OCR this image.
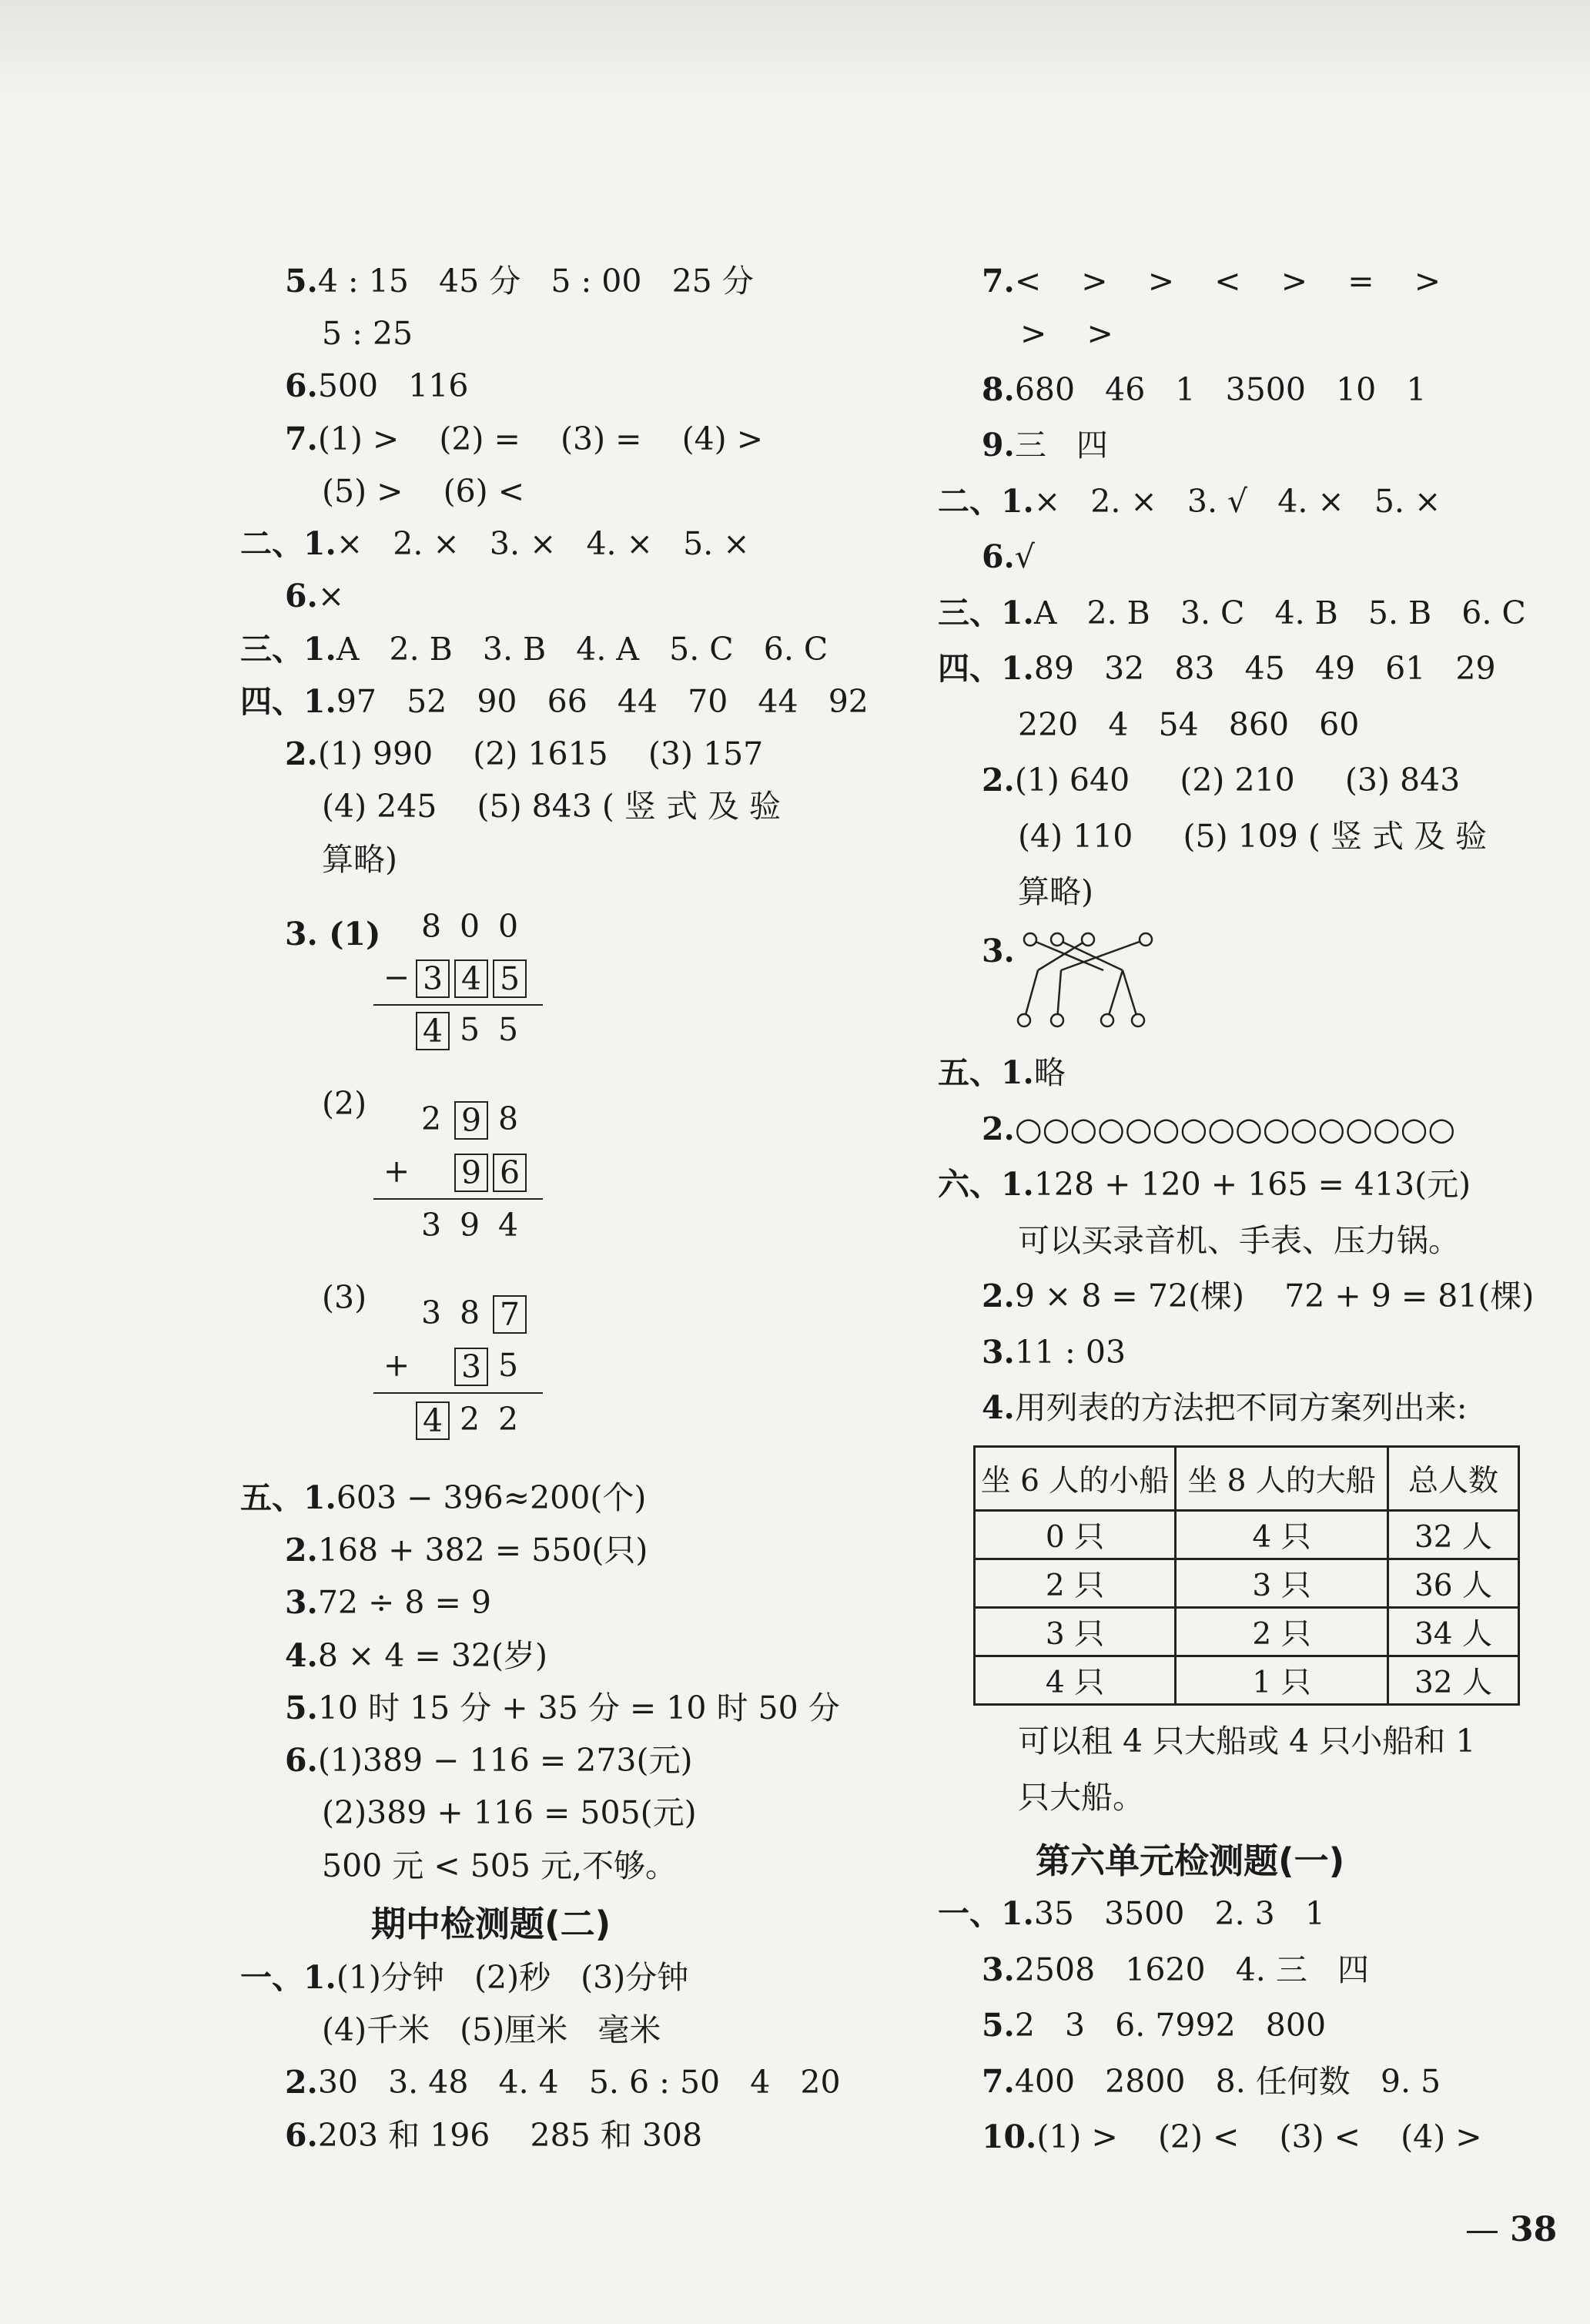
5.4 : 15   45 分   5 : 00   25 分
5 : 25
6.500   116
7.(1) >    (2) =    (3) =    (4) >
(5) >    (6) <
二、1.×   2. ×   3. ×   4. ×   5. ×
6.×
三、1.A   2. B   3. B   4. A   5. C   6. C
四、1.97   52   90   66   44   70   44   92
2.(1) 990    (2) 1615    (3) 157
(4) 245    (5) 843 ( 竖 式 及 验
算略)
3. (1) 8 0 0
− 3 4 5
4 5 5
(2) 2 9 8
+ 9 6
3 9 4
(3) 3 8 7
+ 3 5
4 2 2
五、1.603 − 396≈200(个)
2.168 + 382 = 550(只)
3.72 ÷ 8 = 9
4.8 × 4 = 32(岁)
5.10 时 15 分 + 35 分 = 10 时 50 分
6.(1)389 − 116 = 273(元)
(2)389 + 116 = 505(元)
500 元 < 505 元,不够。
期中检测题(二)
一、1.(1)分钟   (2)秒   (3)分钟
(4)千米   (5)厘米   毫米
2.30   3. 48   4. 4   5. 6 : 50   4   20
6.203 和 196    285 和 308
7.<    >    >    <    >    =    >
>    >
8.680   46   1   3500   10   1
9.三   四
二、1.×   2. ×   3. √   4. ×   5. ×
6.√
三、1.A   2. B   3. C   4. B   5. B   6. C
四、1.89   32   83   45   49   61   29
220   4   54   860   60
2.(1) 640     (2) 210     (3) 843
(4) 110     (5) 109 ( 竖 式 及 验
算略)
3.
五、1.略
2.○○○○○○○○○○○○○○○○
六、1.128 + 120 + 165 = 413(元)
可以买录音机、手表、压力锅。
2.9 × 8 = 72(棵)    72 + 9 = 81(棵)
3.11 : 03
4.用列表的方法把不同方案列出来:
坐 6 人的小船	坐 8 人的大船	总人数
0 只	4 只	32 人
2 只	3 只	36 人
3 只	2 只	34 人
4 只	1 只	32 人
可以租 4 只大船或 4 只小船和 1
只大船。
第六单元检测题(一)
一、1.35   3500   2. 3   1
3.2508   1620   4. 三   四
5.2   3   6. 7992   800
7.400   2800   8. 任何数   9. 5
10.(1) >    (2) <    (3) <    (4) >
38
